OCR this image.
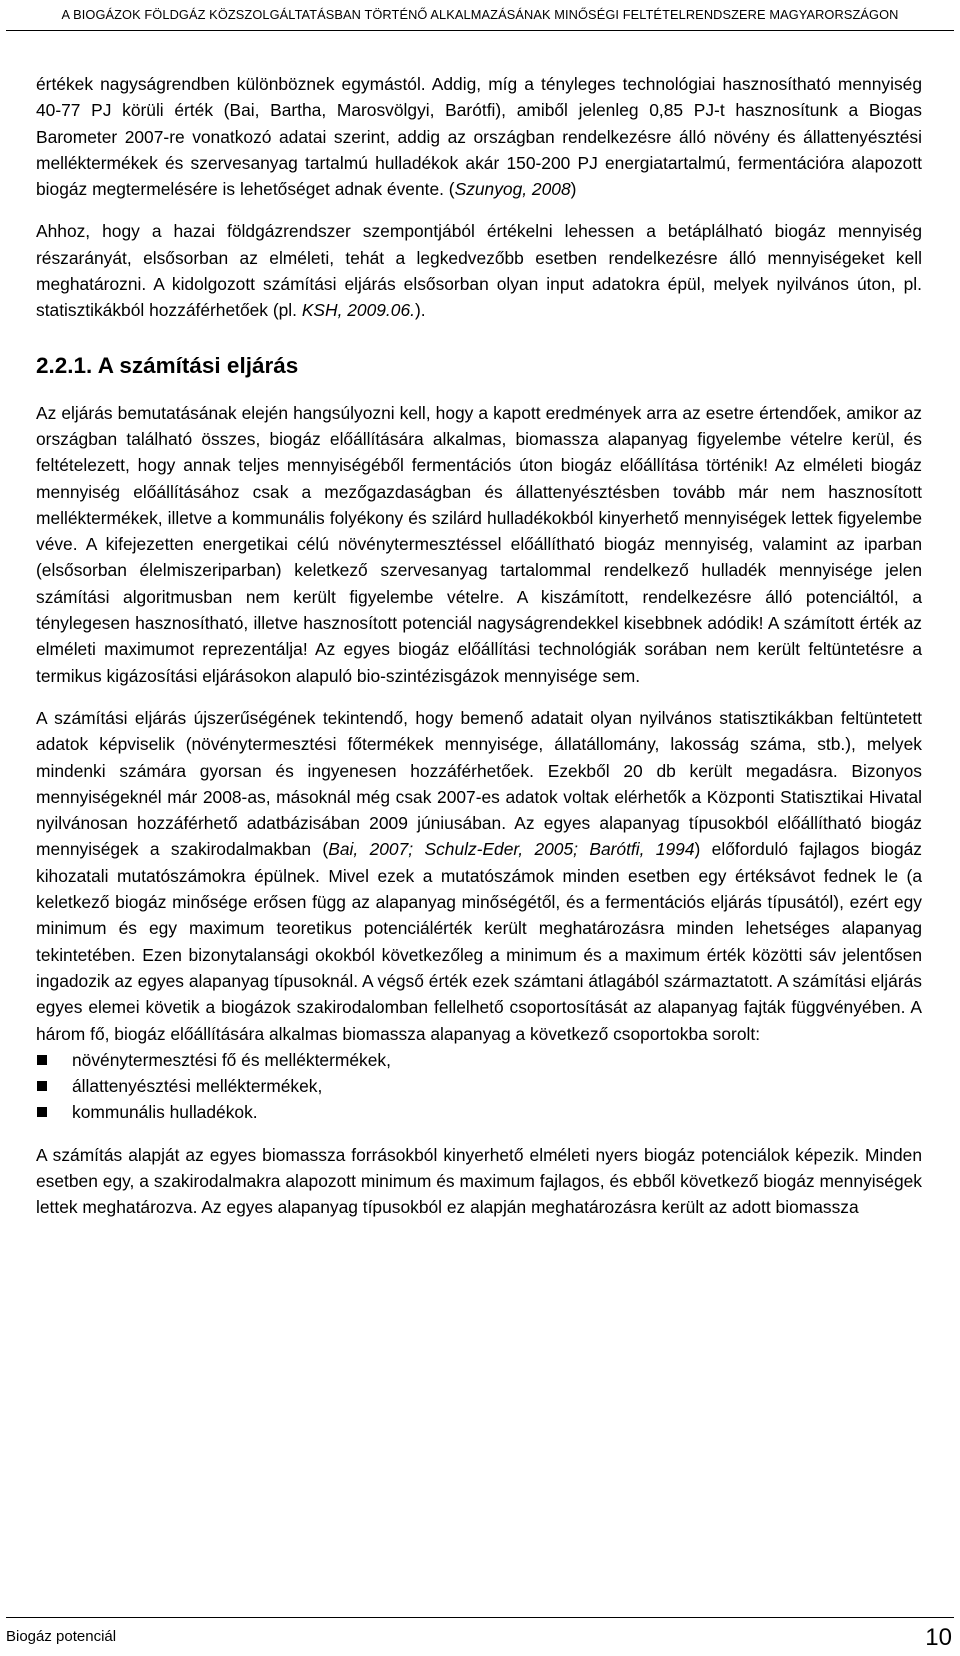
A BIOGÁZOK FÖLDGÁZ KÖZSZOLGÁLTATÁSBAN TÖRTÉNŐ ALKALMAZÁSÁNAK MINŐSÉGI FELTÉTELRENDSZERE MAGYARORSZÁGON

értékek nagyságrendben különböznek egymástól. Addig, míg a tényleges technológiai hasznosítható mennyiség 40-77 PJ körüli érték (Bai, Bartha, Marosvölgyi, Barótfi), amiből jelenleg 0,85 PJ-t hasznosítunk a Biogas Barometer 2007-re vonatkozó adatai szerint, addig az országban rendelkezésre álló növény és állattenyésztési melléktermékek és szervesanyag tartalmú hulladékok akár 150-200 PJ energiatartalmú, fermentációra alapozott biogáz megtermelésére is lehetőséget adnak évente. (Szunyog, 2008)

Ahhoz, hogy a hazai földgázrendszer szempontjából értékelni lehessen a betáplálható biogáz mennyiség részarányát, elsősorban az elméleti, tehát a legkedvezőbb esetben rendelkezésre álló mennyiségeket kell meghatározni. A kidolgozott számítási eljárás elsősorban olyan input adatokra épül, melyek nyilvános úton, pl. statisztikákból hozzáférhetőek (pl. KSH, 2009.06.).

2.2.1. A számítási eljárás

Az eljárás bemutatásának elején hangsúlyozni kell, hogy a kapott eredmények arra az esetre értendőek, amikor az országban található összes, biogáz előállítására alkalmas, biomassza alapanyag figyelembe vételre kerül, és feltételezett, hogy annak teljes mennyiségéből fermentációs úton biogáz előállítása történik! Az elméleti biogáz mennyiség előállításához csak a mezőgazdaságban és állattenyésztésben tovább már nem hasznosított melléktermékek, illetve a kommunális folyékony és szilárd hulladékokból kinyerhető mennyiségek lettek figyelembe véve. A kifejezetten energetikai célú növénytermesztéssel előállítható biogáz mennyiség, valamint az iparban (elsősorban élelmiszeriparban) keletkező szervesanyag tartalommal rendelkező hulladék mennyisége jelen számítási algoritmusban nem került figyelembe vételre. A kiszámított, rendelkezésre álló potenciáltól, a ténylegesen hasznosítható, illetve hasznosított potenciál nagyságrendekkel kisebbnek adódik! A számított érték az elméleti maximumot reprezentálja! Az egyes biogáz előállítási technológiák sorában nem került feltüntetésre a termikus kigázosítási eljárásokon alapuló bio-szintézisgázok mennyisége sem.

A számítási eljárás újszerűségének tekintendő, hogy bemenő adatait olyan nyilvános statisztikákban feltüntetett adatok képviselik (növénytermesztési főtermékek mennyisége, állatállomány, lakosság száma, stb.), melyek mindenki számára gyorsan és ingyenesen hozzáférhetőek. Ezekből 20 db került megadásra. Bizonyos mennyiségeknél már 2008-as, másoknál még csak 2007-es adatok voltak elérhetők a Központi Statisztikai Hivatal nyilvánosan hozzáférhető adatbázisában 2009 júniusában. Az egyes alapanyag típusokból előállítható biogáz mennyiségek a szakirodalmakban (Bai, 2007; Schulz-Eder, 2005; Barótfi, 1994) előforduló fajlagos biogáz kihozatali mutatószámokra épülnek. Mivel ezek a mutatószámok minden esetben egy értéksávot fednek le (a keletkező biogáz minősége erősen függ az alapanyag minőségétől, és a fermentációs eljárás típusától), ezért egy minimum és egy maximum teoretikus potenciálérték került meghatározásra minden lehetséges alapanyag tekintetében. Ezen bizonytalansági okokból következőleg a minimum és a maximum érték közötti sáv jelentősen ingadozik az egyes alapanyag típusoknál. A végső érték ezek számtani átlagából származtatott. A számítási eljárás egyes elemei követik a biogázok szakirodalomban fellelhető csoportosítását az alapanyag fajták függvényében. A három fő, biogáz előállítására alkalmas biomassza alapanyag a következő csoportokba sorolt:

növénytermesztési fő és melléktermékek,
állattenyésztési melléktermékek,
kommunális hulladékok.

A számítás alapját az egyes biomassza forrásokból kinyerhető elméleti nyers biogáz potenciálok képezik. Minden esetben egy, a szakirodalmakra alapozott minimum és maximum fajlagos, és ebből következő biogáz mennyiségek lettek meghatározva. Az egyes alapanyag típusokból ez alapján meghatározásra került az adott biomassza

Biogáz potenciál	10
